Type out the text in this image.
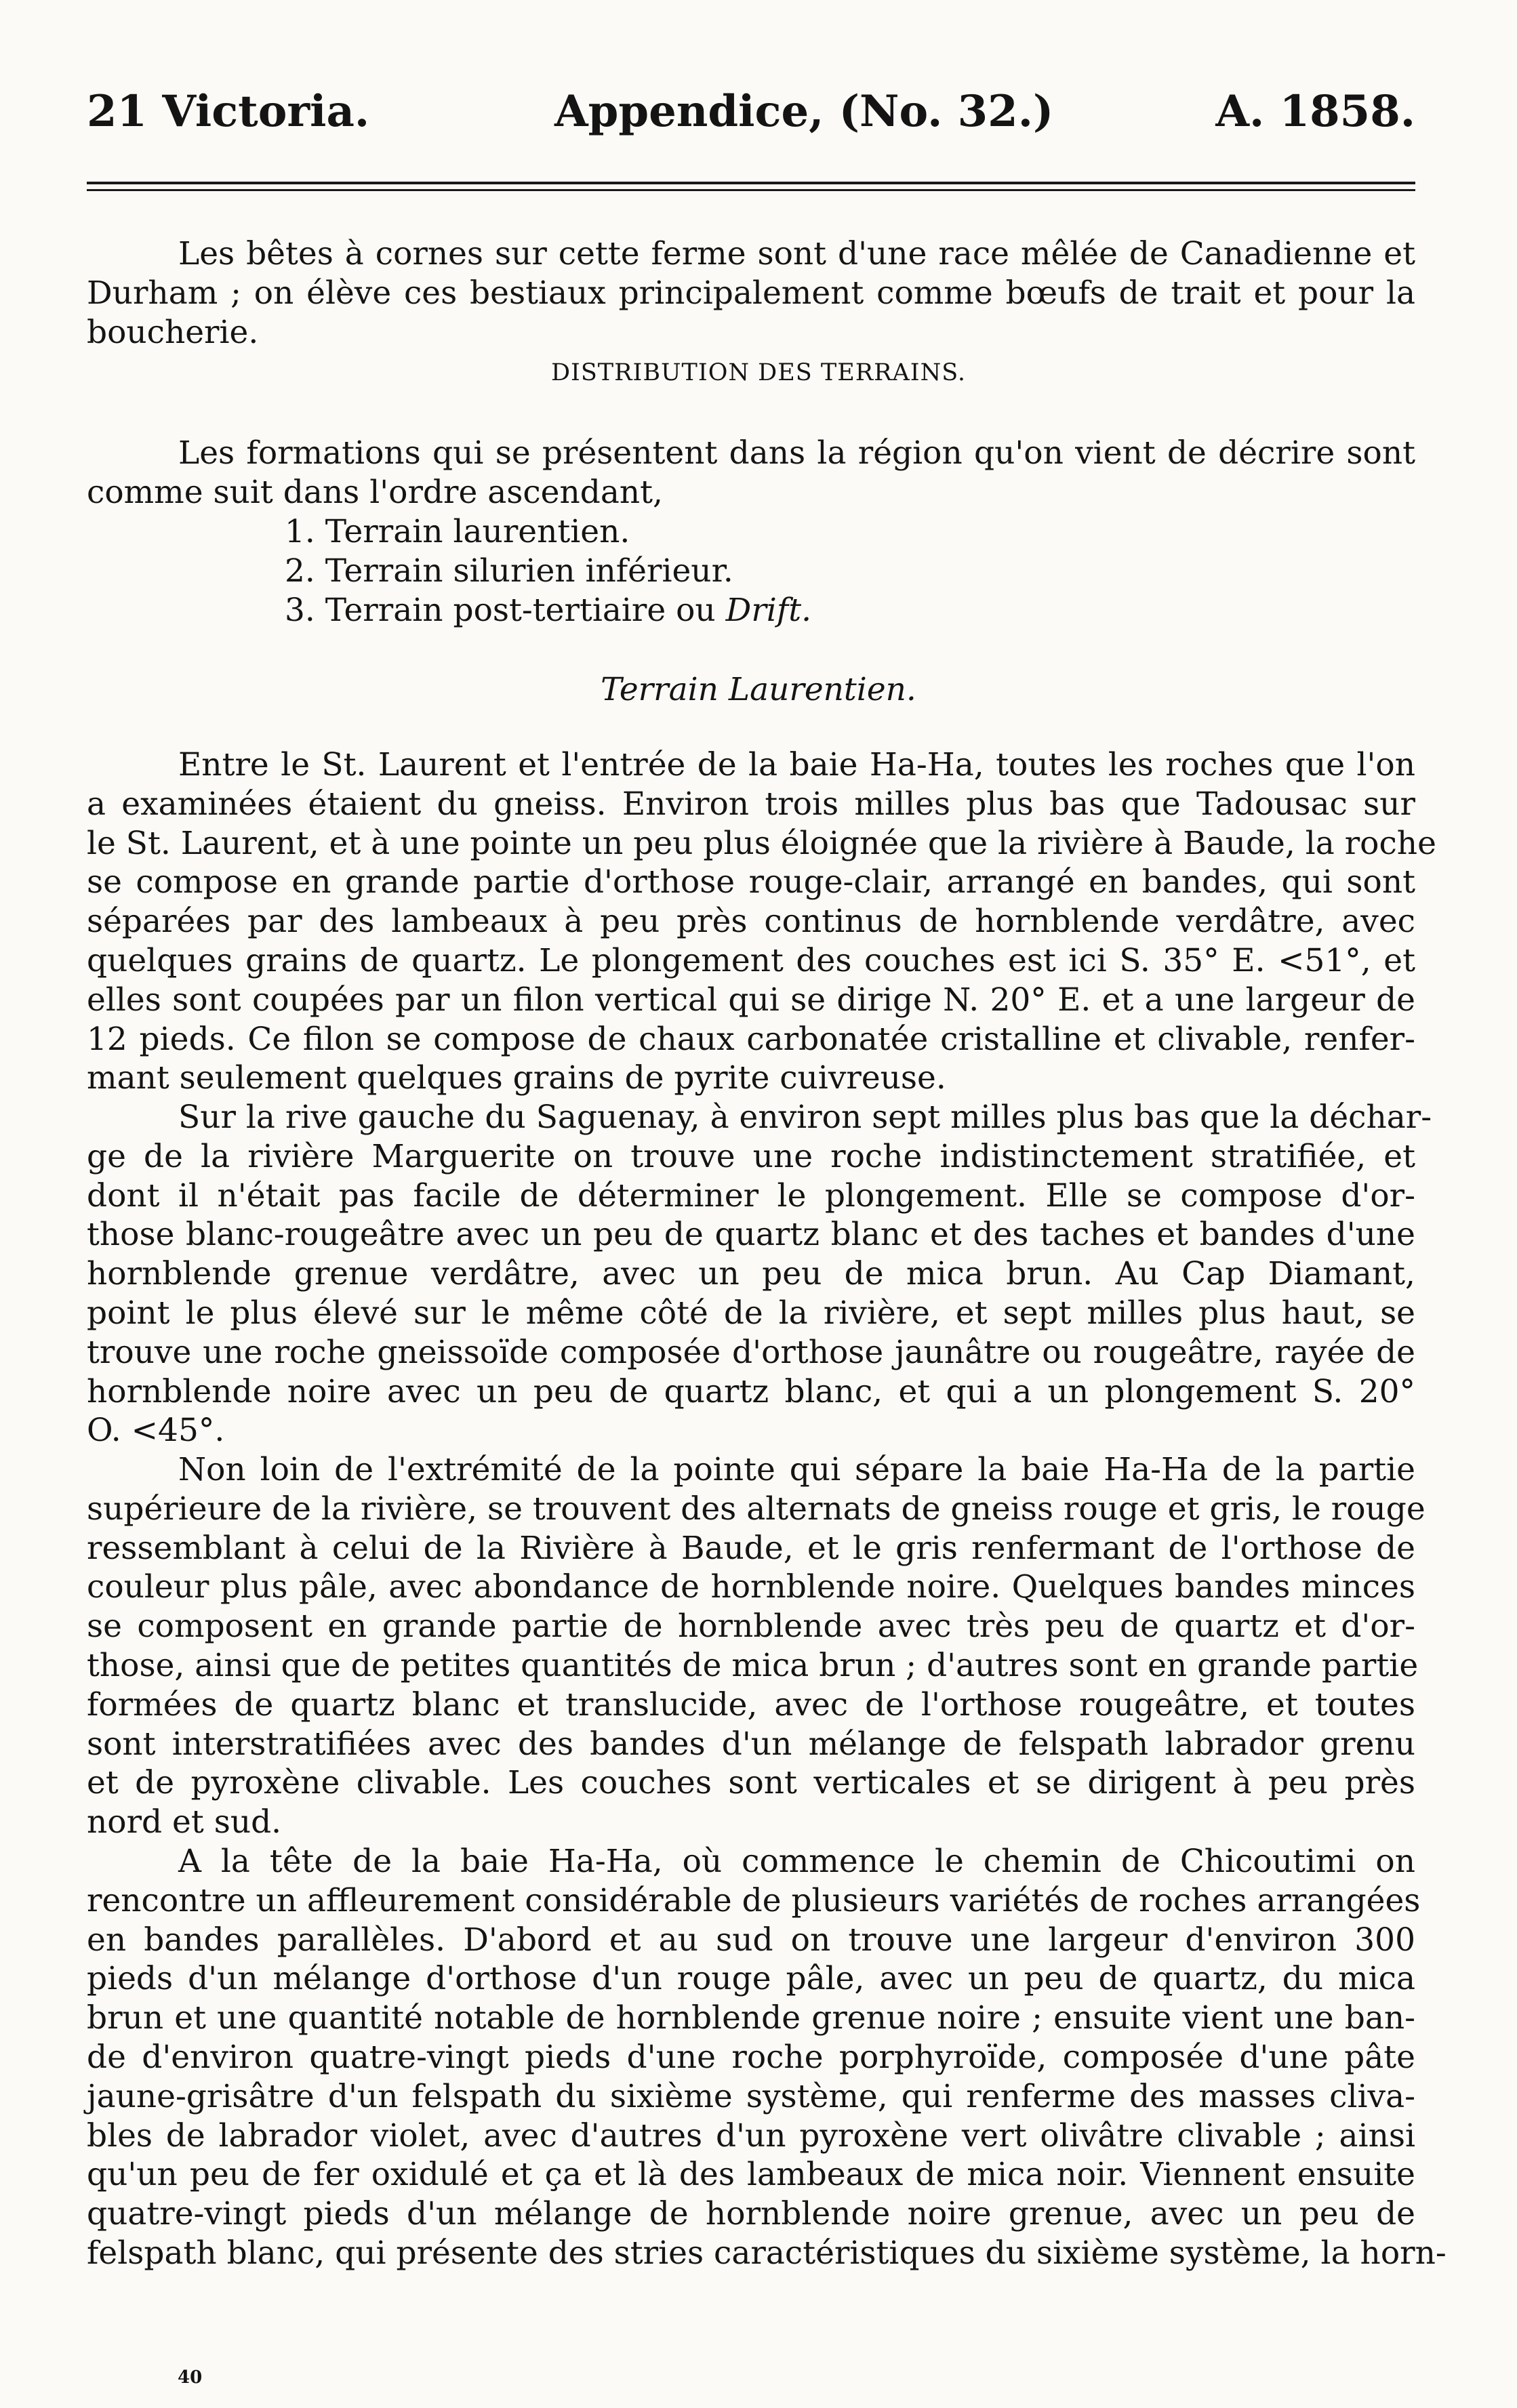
21 Victoria.	Appendice, (No. 32.)	A. 1858.
Les bêtes à cornes sur cette ferme sont d'une race mêlée de Canadienne et
Durham ; on élève ces bestiaux principalement comme bœufs de trait et pour la
boucherie.
DISTRIBUTION DES TERRAINS.
Les formations qui se présentent dans la région qu'on vient de décrire sont
comme suit dans l'ordre ascendant,
1. Terrain laurentien.
2. Terrain silurien inférieur.
3. Terrain post-tertiaire ou Drift.
Terrain Laurentien.
Entre le St. Laurent et l'entrée de la baie Ha-Ha, toutes les roches que l'on
a examinées étaient du gneiss. Environ trois milles plus bas que Tadousac sur
le St. Laurent, et à une pointe un peu plus éloignée que la rivière à Baude, la roche
se compose en grande partie d'orthose rouge-clair, arrangé en bandes, qui sont
séparées par des lambeaux à peu près continus de hornblende verdâtre, avec
quelques grains de quartz. Le plongement des couches est ici S. 35° E. <51°, et
elles sont coupées par un filon vertical qui se dirige N. 20° E. et a une largeur de
12 pieds. Ce filon se compose de chaux carbonatée cristalline et clivable, renfer-
mant seulement quelques grains de pyrite cuivreuse.
Sur la rive gauche du Saguenay, à environ sept milles plus bas que la déchar-
ge de la rivière Marguerite on trouve une roche indistinctement stratifiée, et
dont il n'était pas facile de déterminer le plongement. Elle se compose d'or-
those blanc-rougeâtre avec un peu de quartz blanc et des taches et bandes d'une
hornblende grenue verdâtre, avec un peu de mica brun. Au Cap Diamant,
point le plus élevé sur le même côté de la rivière, et sept milles plus haut, se
trouve une roche gneissoïde composée d'orthose jaunâtre ou rougeâtre, rayée de
hornblende noire avec un peu de quartz blanc, et qui a un plongement S. 20°
O. <45°.
Non loin de l'extrémité de la pointe qui sépare la baie Ha-Ha de la partie
supérieure de la rivière, se trouvent des alternats de gneiss rouge et gris, le rouge
ressemblant à celui de la Rivière à Baude, et le gris renfermant de l'orthose de
couleur plus pâle, avec abondance de hornblende noire. Quelques bandes minces
se composent en grande partie de hornblende avec très peu de quartz et d'or-
those, ainsi que de petites quantités de mica brun ; d'autres sont en grande partie
formées de quartz blanc et translucide, avec de l'orthose rougeâtre, et toutes
sont interstratifiées avec des bandes d'un mélange de felspath labrador grenu
et de pyroxène clivable. Les couches sont verticales et se dirigent à peu près
nord et sud.
A la tête de la baie Ha-Ha, où commence le chemin de Chicoutimi on
rencontre un affleurement considérable de plusieurs variétés de roches arrangées
en bandes parallèles. D'abord et au sud on trouve une largeur d'environ 300
pieds d'un mélange d'orthose d'un rouge pâle, avec un peu de quartz, du mica
brun et une quantité notable de hornblende grenue noire ; ensuite vient une ban-
de d'environ quatre-vingt pieds d'une roche porphyroïde, composée d'une pâte
jaune-grisâtre d'un felspath du sixième système, qui renferme des masses cliva-
bles de labrador violet, avec d'autres d'un pyroxène vert olivâtre clivable ; ainsi
qu'un peu de fer oxidulé et ça et là des lambeaux de mica noir. Viennent ensuite
quatre-vingt pieds d'un mélange de hornblende noire grenue, avec un peu de
felspath blanc, qui présente des stries caractéristiques du sixième système, la horn-
40
